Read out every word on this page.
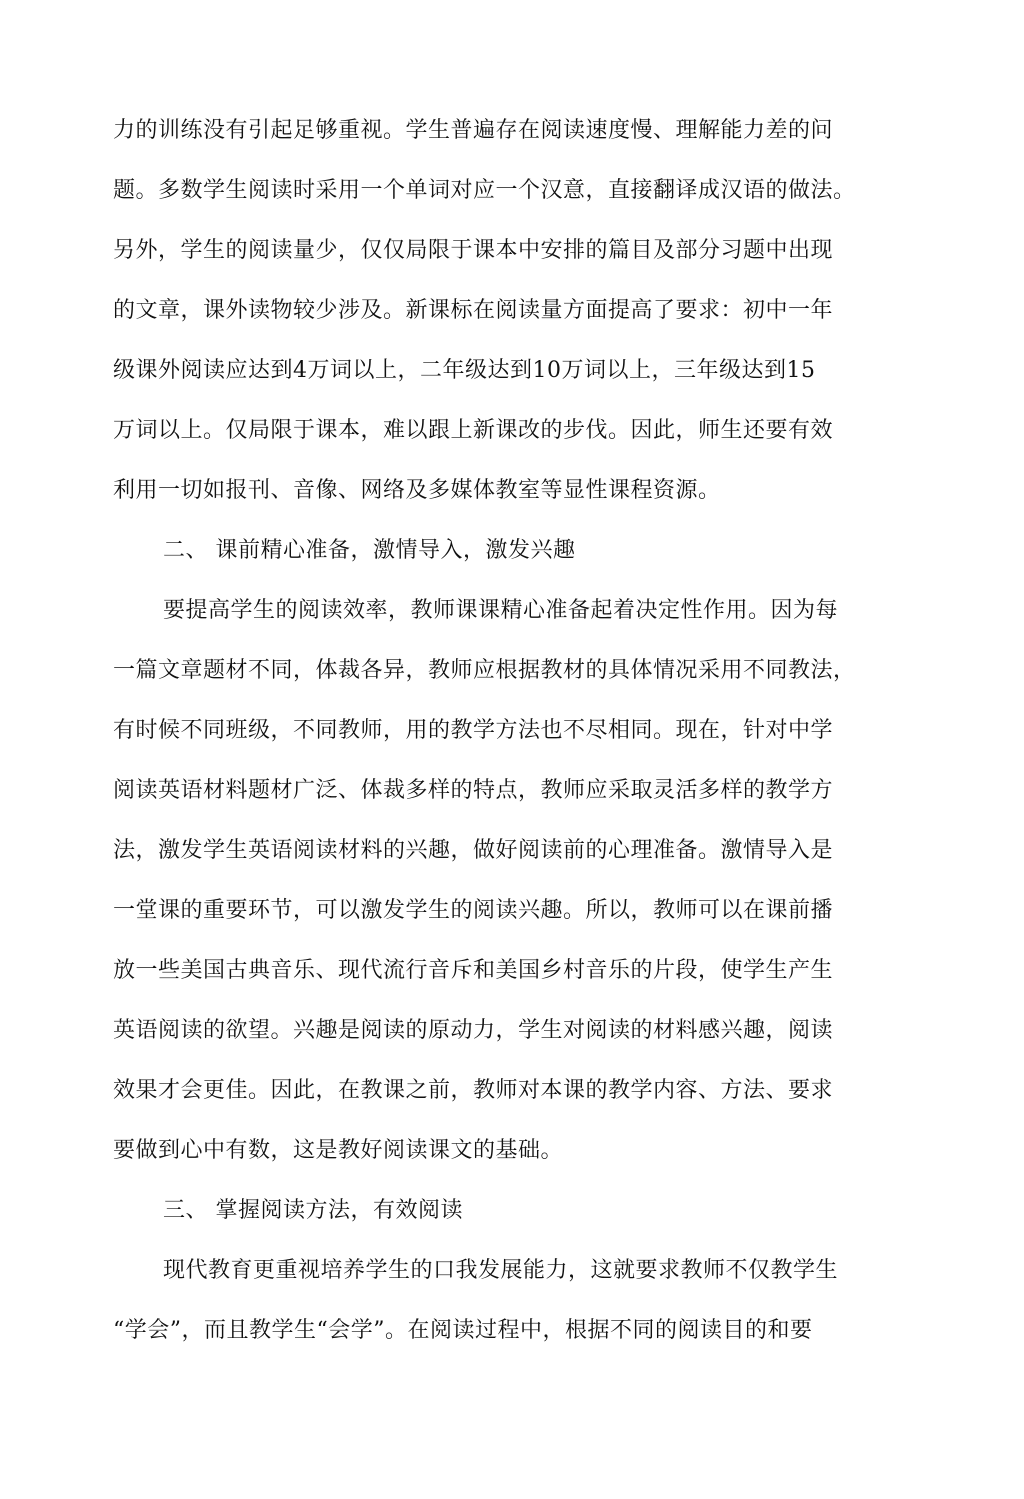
力的训练没有引起足够重视。学生普遍存在阅读速度慢、理解能力差的问
题。多数学生阅读时采用一个单词对应一个汉意，直接翻译成汉语的做法。
另外，学生的阅读量少，仅仅局限于课本中安排的篇目及部分习题中出现
的文章，课外读物较少涉及。新课标在阅读量方面提高了要求：初中一年
级课外阅读应达到4万词以上，二年级达到10万词以上，三年级达到15
万词以上。仅局限于课本，难以跟上新课改的步伐。因此，师生还要有效
利用一切如报刊、音像、网络及多媒体教室等显性课程资源。
二、 课前精心准备，激情导入，激发兴趣
要提高学生的阅读效率，教师课课精心准备起着决定性作用。因为每
一篇文章题材不同，体裁各异，教师应根据教材的具体情况采用不同教法，
有时候不同班级，不同教师，用的教学方法也不尽相同。现在，针对中学
阅读英语材料题材广泛、体裁多样的特点，教师应采取灵活多样的教学方
法，激发学生英语阅读材料的兴趣，做好阅读前的心理准备。激情导入是
一堂课的重要环节，可以激发学生的阅读兴趣。所以，教师可以在课前播
放一些美国古典音乐、现代流行音斥和美国乡村音乐的片段，使学生产生
英语阅读的欲望。兴趣是阅读的原动力，学生对阅读的材料感兴趣，阅读
效果才会更佳。因此，在教课之前，教师对本课的教学内容、方法、要求
要做到心中有数，这是教好阅读课文的基础。
三、 掌握阅读方法，有效阅读
现代教育更重视培养学生的口我发展能力，这就要求教师不仅教学生
“学会”，而且教学生“会学”。在阅读过程中，根据不同的阅读目的和要
